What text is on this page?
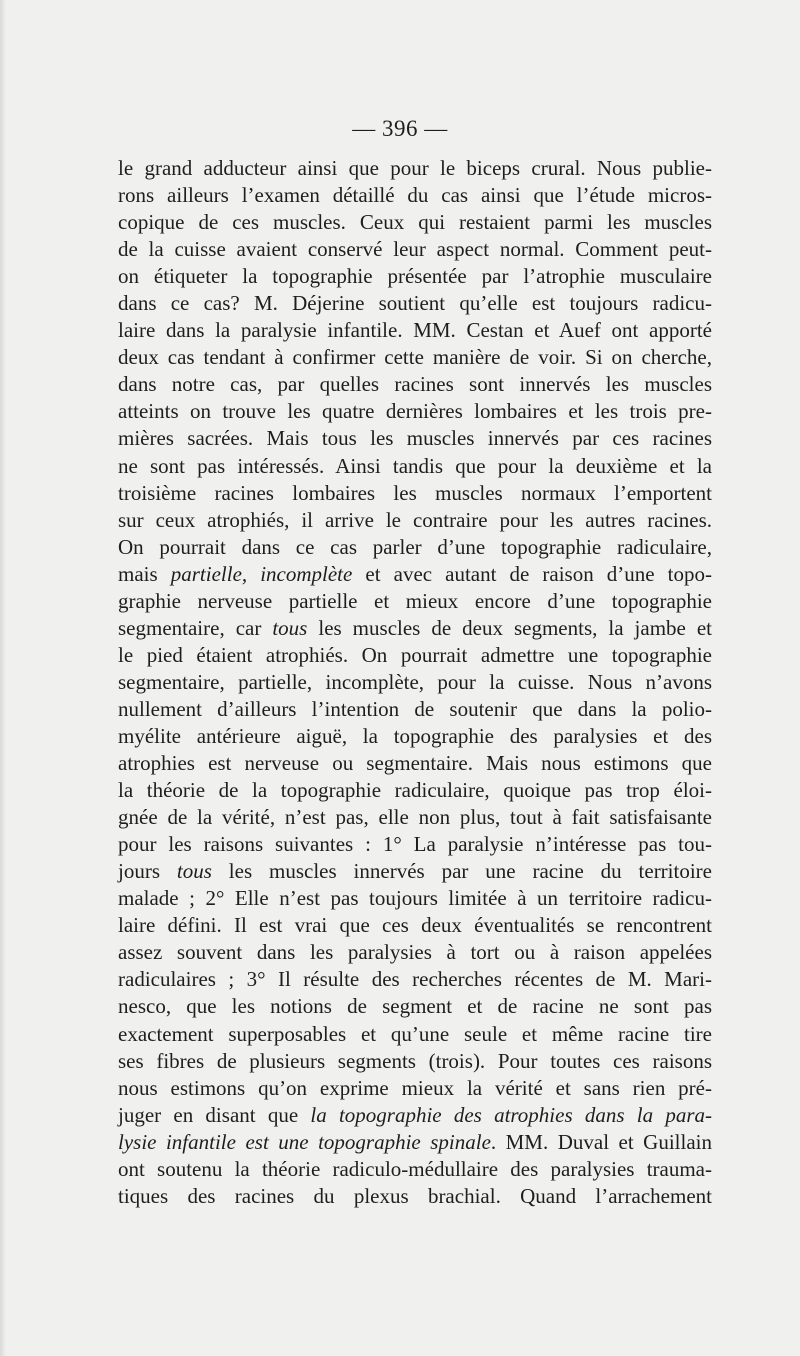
— 396 —
le grand adducteur ainsi que pour le biceps crural. Nous publie-
rons ailleurs l’examen détaillé du cas ainsi que l’étude micros-
copique de ces muscles. Ceux qui restaient parmi les muscles
de la cuisse avaient conservé leur aspect normal. Comment peut-
on étiqueter la topographie présentée par l’atrophie musculaire
dans ce cas? M. Déjerine soutient qu’elle est toujours radicu-
laire dans la paralysie infantile. MM. Cestan et Auef ont apporté
deux cas tendant à confirmer cette manière de voir. Si on cherche,
dans notre cas, par quelles racines sont innervés les muscles
atteints on trouve les quatre dernières lombaires et les trois pre-
mières sacrées. Mais tous les muscles innervés par ces racines
ne sont pas intéressés. Ainsi tandis que pour la deuxième et la
troisième racines lombaires les muscles normaux l’emportent
sur ceux atrophiés, il arrive le contraire pour les autres racines.
On pourrait dans ce cas parler d’une topographie radiculaire,
mais partielle, incomplète et avec autant de raison d’une topo-
graphie nerveuse partielle et mieux encore d’une topographie
segmentaire, car tous les muscles de deux segments, la jambe et
le pied étaient atrophiés. On pourrait admettre une topographie
segmentaire, partielle, incomplète, pour la cuisse. Nous n’avons
nullement d’ailleurs l’intention de soutenir que dans la polio-
myélite antérieure aiguë, la topographie des paralysies et des
atrophies est nerveuse ou segmentaire. Mais nous estimons que
la théorie de la topographie radiculaire, quoique pas trop éloi-
gnée de la vérité, n’est pas, elle non plus, tout à fait satisfaisante
pour les raisons suivantes : 1° La paralysie n’intéresse pas tou-
jours tous les muscles innervés par une racine du territoire
malade ; 2° Elle n’est pas toujours limitée à un territoire radicu-
laire défini. Il est vrai que ces deux éventualités se rencontrent
assez souvent dans les paralysies à tort ou à raison appelées
radiculaires ; 3° Il résulte des recherches récentes de M. Mari-
nesco, que les notions de segment et de racine ne sont pas
exactement superposables et qu’une seule et même racine tire
ses fibres de plusieurs segments (trois). Pour toutes ces raisons
nous estimons qu’on exprime mieux la vérité et sans rien pré-
juger en disant que la topographie des atrophies dans la para-
lysie infantile est une topographie spinale. MM. Duval et Guillain
ont soutenu la théorie radiculo-médullaire des paralysies trauma-
tiques des racines du plexus brachial. Quand l’arrachement
